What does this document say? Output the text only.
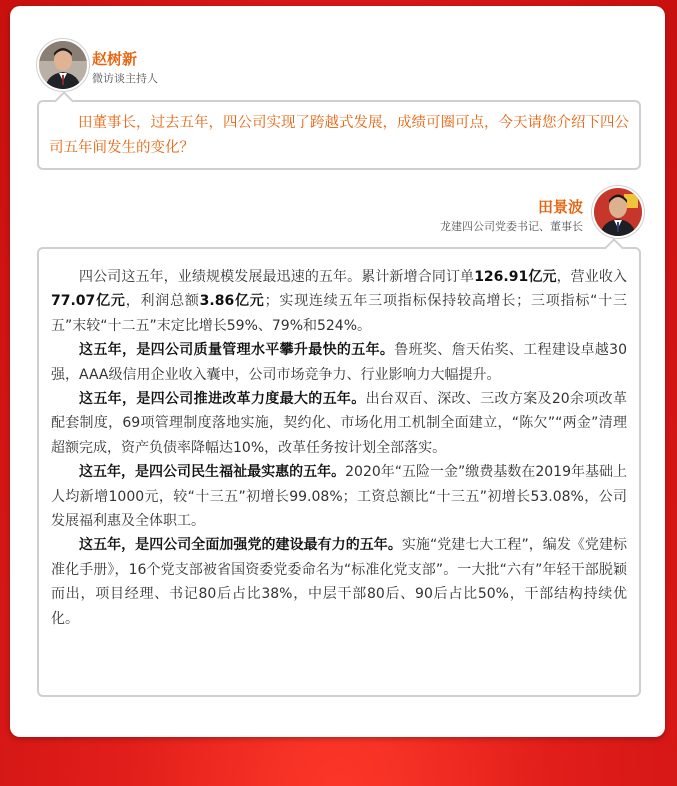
赵树新
微访谈主持人

田董事长，过去五年，四公司实现了跨越式发展，成绩可圈可点，今天请您介绍下四公司五年间发生的变化？

田景波
龙建四公司党委书记、董事长

四公司这五年，业绩规模发展最迅速的五年。累计新增合同订单126.91亿元，营业收入77.07亿元，利润总额3.86亿元；实现连续五年三项指标保持较高增长；三项指标“十三五”末较“十二五”末定比增长59%、79%和524%。

这五年，是四公司质量管理水平攀升最快的五年。鲁班奖、詹天佑奖、工程建设卓越30强，AAA级信用企业收入囊中，公司市场竞争力、行业影响力大幅提升。

这五年，是四公司推进改革力度最大的五年。出台双百、深改、三改方案及20余项改革配套制度，69项管理制度落地实施，契约化、市场化用工机制全面建立，“陈欠”“两金”清理超额完成，资产负债率降幅达10%，改革任务按计划全部落实。

这五年，是四公司民生福祉最实惠的五年。2020年“五险一金”缴费基数在2019年基础上人均新增1000元，较“十三五”初增长99.08%；工资总额比“十三五”初增长53.08%，公司发展福利惠及全体职工。

这五年，是四公司全面加强党的建设最有力的五年。实施“党建七大工程”，编发《党建标准化手册》，16个党支部被省国资委党委命名为“标准化党支部”。一大批“六有”年轻干部脱颖而出，项目经理、书记80后占比38%，中层干部80后、90后占比50%，干部结构持续优化。
